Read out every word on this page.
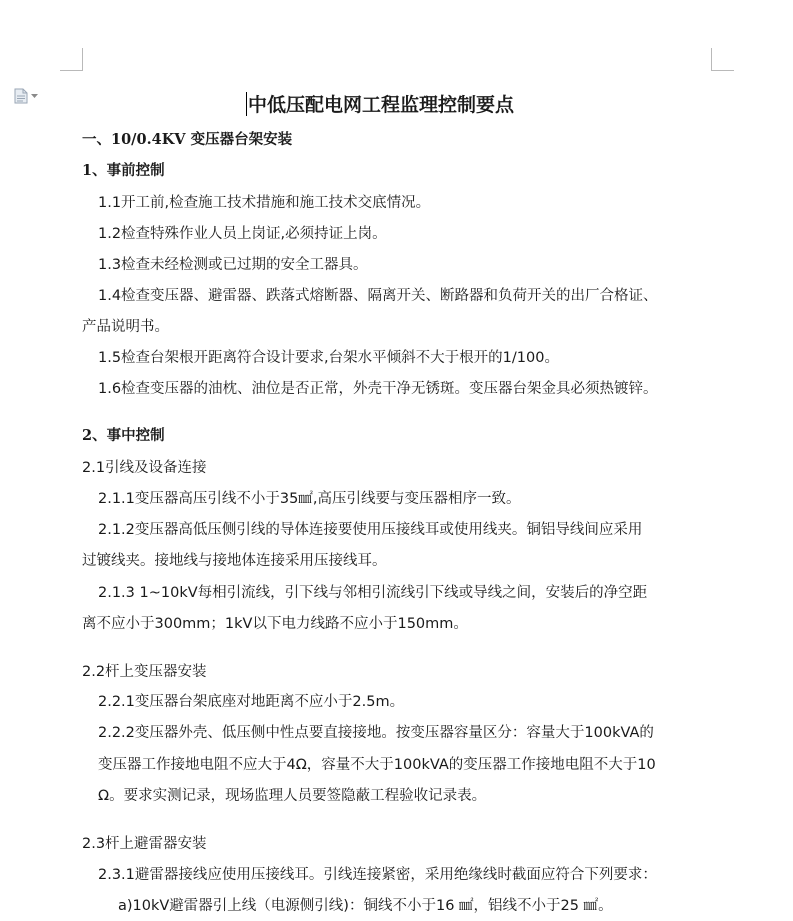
中低压配电网工程监理控制要点
一、10/0.4KV 变压器台架安装
1、事前控制
1.1开工前,检查施工技术措施和施工技术交底情况。
1.2检查特殊作业人员上岗证,必须持证上岗。
1.3检查未经检测或已过期的安全工器具。
1.4检查变压器、避雷器、跌落式熔断器、隔离开关、断路器和负荷开关的出厂合格证、
产品说明书。
1.5检查台架根开距离符合设计要求,台架水平倾斜不大于根开的1/100。
1.6检查变压器的油枕、油位是否正常，外壳干净无锈斑。变压器台架金具必须热镀锌。
2、事中控制
2.1引线及设备连接
2.1.1变压器高压引线不小于35㎟,高压引线要与变压器相序一致。
2.1.2变压器高低压侧引线的导体连接要使用压接线耳或使用线夹。铜铝导线间应采用
过镀线夹。接地线与接地体连接采用压接线耳。
2.1.3 1~10kV每相引流线，引下线与邻相引流线引下线或导线之间，安装后的净空距
离不应小于300mm；1kV以下电力线路不应小于150mm。
2.2杆上变压器安装
2.2.1变压器台架底座对地距离不应小于2.5m。
2.2.2变压器外壳、低压侧中性点要直接接地。按变压器容量区分：容量大于100kVA的
变压器工作接地电阻不应大于4Ω，容量不大于100kVA的变压器工作接地电阻不大于10
Ω。要求实测记录，现场监理人员要签隐蔽工程验收记录表。
2.3杆上避雷器安装
2.3.1避雷器接线应使用压接线耳。引线连接紧密，采用绝缘线时截面应符合下列要求：
a)10kV避雷器引上线（电源侧引线)：铜线不小于16 ㎟，铝线不小于25 ㎟。
